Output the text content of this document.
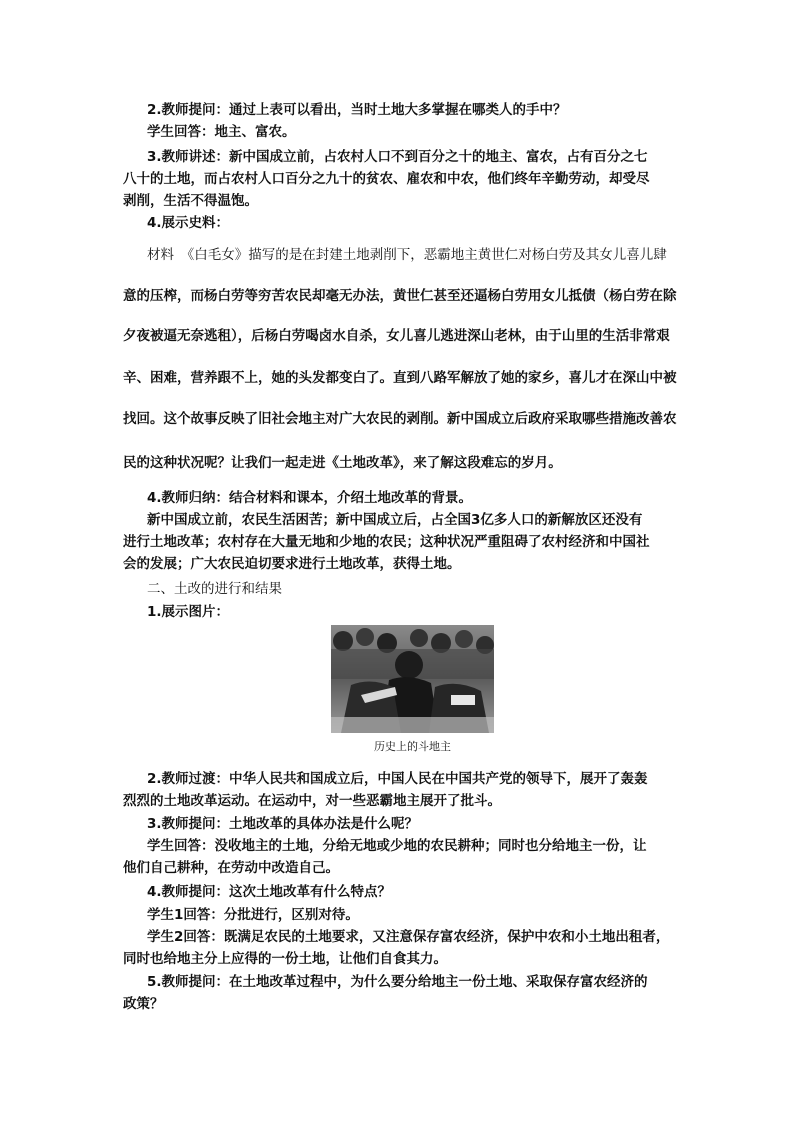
2.教师提问：通过上表可以看出，当时土地大多掌握在哪类人的手中？
学生回答：地主、富农。
3.教师讲述：新中国成立前，占农村人口不到百分之十的地主、富农，占有百分之七
八十的土地，而占农村人口百分之九十的贫农、雇农和中农，他们终年辛勤劳动，却受尽
剥削，生活不得温饱。
4.展示史料：
材料　《白毛女》描写的是在封建土地剥削下，恶霸地主黄世仁对杨白劳及其女儿喜儿肆
意的压榨，而杨白劳等穷苦农民却毫无办法，黄世仁甚至还逼杨白劳用女儿抵债（杨白劳在除
夕夜被逼无奈逃租），后杨白劳喝卤水自杀，女儿喜儿逃进深山老林，由于山里的生活非常艰
辛、困难，营养跟不上，她的头发都变白了。直到八路军解放了她的家乡，喜儿才在深山中被
找回。这个故事反映了旧社会地主对广大农民的剥削。新中国成立后政府采取哪些措施改善农
民的这种状况呢？让我们一起走进《土地改革》，来了解这段难忘的岁月。
4.教师归纳：结合材料和课本，介绍土地改革的背景。
新中国成立前，农民生活困苦；新中国成立后，占全国3亿多人口的新解放区还没有
进行土地改革；农村存在大量无地和少地的农民；这种状况严重阻碍了农村经济和中国社
会的发展；广大农民迫切要求进行土地改革，获得土地。
二、土改的进行和结果
1.展示图片：
历史上的斗地主
2.教师过渡：中华人民共和国成立后，中国人民在中国共产党的领导下，展开了轰轰
烈烈的土地改革运动。在运动中，对一些恶霸地主展开了批斗。
3.教师提问：土地改革的具体办法是什么呢？
学生回答：没收地主的土地，分给无地或少地的农民耕种；同时也分给地主一份，让
他们自己耕种，在劳动中改造自己。
4.教师提问：这次土地改革有什么特点？
学生1回答：分批进行，区别对待。
学生2回答：既满足农民的土地要求，又注意保存富农经济，保护中农和小土地出租者，
同时也给地主分上应得的一份土地，让他们自食其力。
5.教师提问：在土地改革过程中，为什么要分给地主一份土地、采取保存富农经济的
政策？
